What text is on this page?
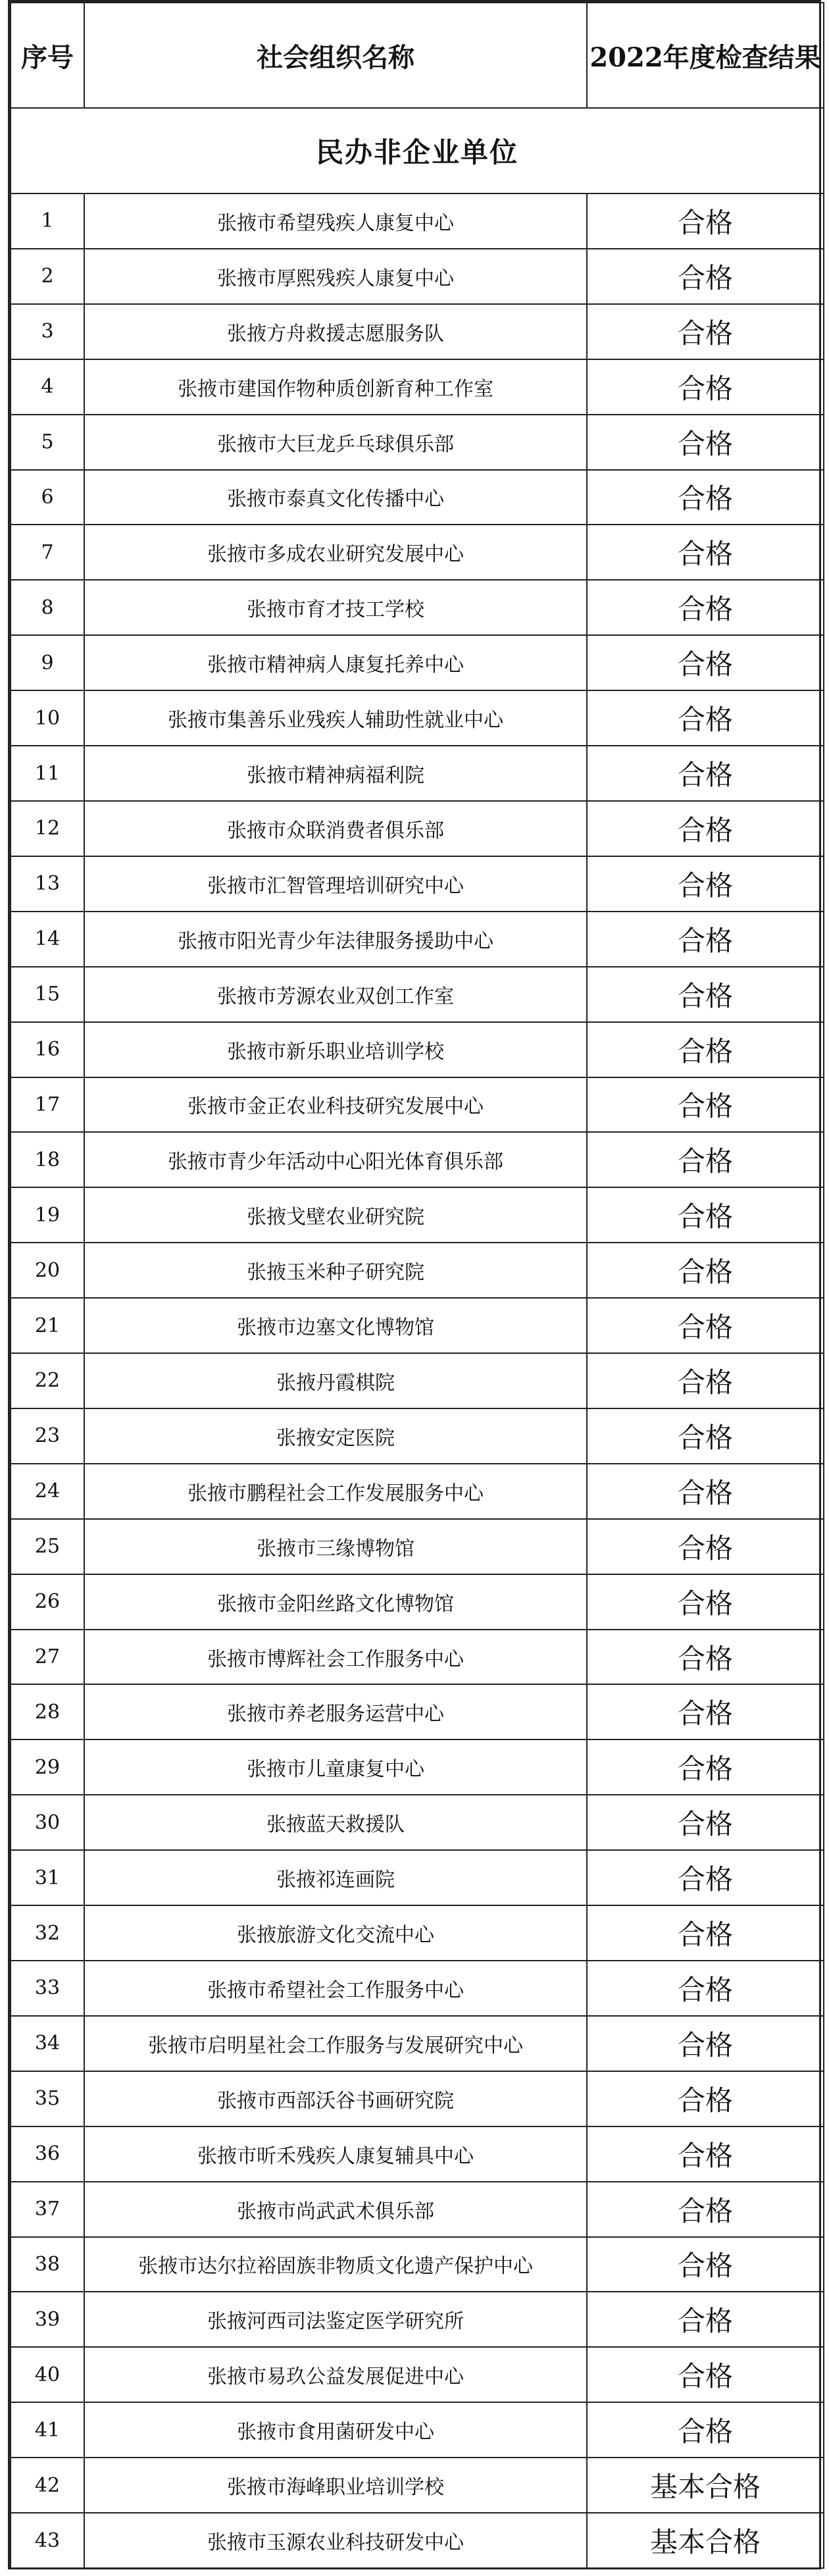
序号	社会组织名称	2022年度检查结果
民办非企业单位		
1	张掖市希望残疾人康复中心	合格
2	张掖市厚熙残疾人康复中心	合格
3	张掖方舟救援志愿服务队	合格
4	张掖市建国作物种质创新育种工作室	合格
5	张掖市大巨龙乒乓球俱乐部	合格
6	张掖市泰真文化传播中心	合格
7	张掖市多成农业研究发展中心	合格
8	张掖市育才技工学校	合格
9	张掖市精神病人康复托养中心	合格
10	张掖市集善乐业残疾人辅助性就业中心	合格
11	张掖市精神病福利院	合格
12	张掖市众联消费者俱乐部	合格
13	张掖市汇智管理培训研究中心	合格
14	张掖市阳光青少年法律服务援助中心	合格
15	张掖市芳源农业双创工作室	合格
16	张掖市新乐职业培训学校	合格
17	张掖市金正农业科技研究发展中心	合格
18	张掖市青少年活动中心阳光体育俱乐部	合格
19	张掖戈壁农业研究院	合格
20	张掖玉米种子研究院	合格
21	张掖市边塞文化博物馆	合格
22	张掖丹霞棋院	合格
23	张掖安定医院	合格
24	张掖市鹏程社会工作发展服务中心	合格
25	张掖市三缘博物馆	合格
26	张掖市金阳丝路文化博物馆	合格
27	张掖市博辉社会工作服务中心	合格
28	张掖市养老服务运营中心	合格
29	张掖市儿童康复中心	合格
30	张掖蓝天救援队	合格
31	张掖祁连画院	合格
32	张掖旅游文化交流中心	合格
33	张掖市希望社会工作服务中心	合格
34	张掖市启明星社会工作服务与发展研究中心	合格
35	张掖市西部沃谷书画研究院	合格
36	张掖市昕禾残疾人康复辅具中心	合格
37	张掖市尚武武术俱乐部	合格
38	张掖市达尔拉裕固族非物质文化遗产保护中心	合格
39	张掖河西司法鉴定医学研究所	合格
40	张掖市易玖公益发展促进中心	合格
41	张掖市食用菌研发中心	合格
42	张掖市海峰职业培训学校	基本合格
43	张掖市玉源农业科技研发中心	基本合格
